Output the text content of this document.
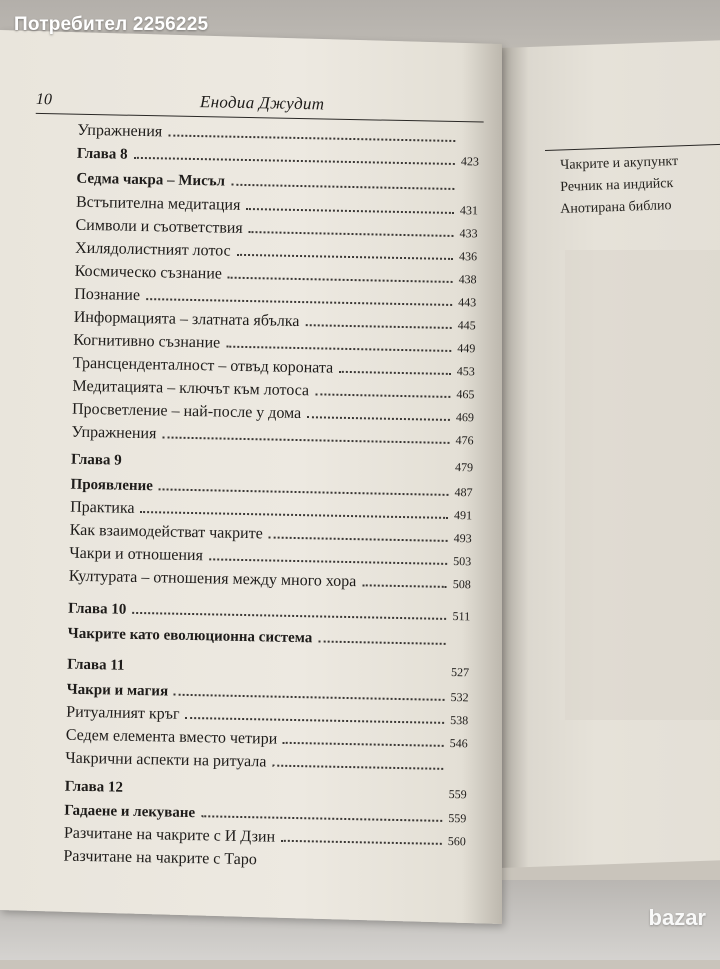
Чакрите и акупункт
Речник на индийск
Анотирана библио
10	Енодиа Джудит
Упражнения
Глава 8	423
Седма чакра – Мисъл
Встъпителна медитация	431
Символи и съответствия	433
Хилядолистният лотос	436
Космическо съзнание	438
Познание	443
Информацията – златната ябълка	445
Когнитивно съзнание	449
Трансценденталност – отвъд короната	453
Медитацията – ключът към лотоса	465
Просветление – най-после у дома	469
Упражнения	476
Глава 9	479
Проявление	487
Практика	491
Как взаимодействат чакрите	493
Чакри и отношения	503
Културата – отношения между много хора	508
Глава 10	511
Чакрите като еволюционна система
Глава 11	527
Чакри и магия	532
Ритуалният кръг	538
Седем елемента вместо четири	546
Чакрични аспекти на ритуала
Глава 12	559
Гадаене и лекуване	559
Разчитане на чакрите с И Дзин	560
Разчитане на чакрите с Таро
Потребител 2256225
bazar
